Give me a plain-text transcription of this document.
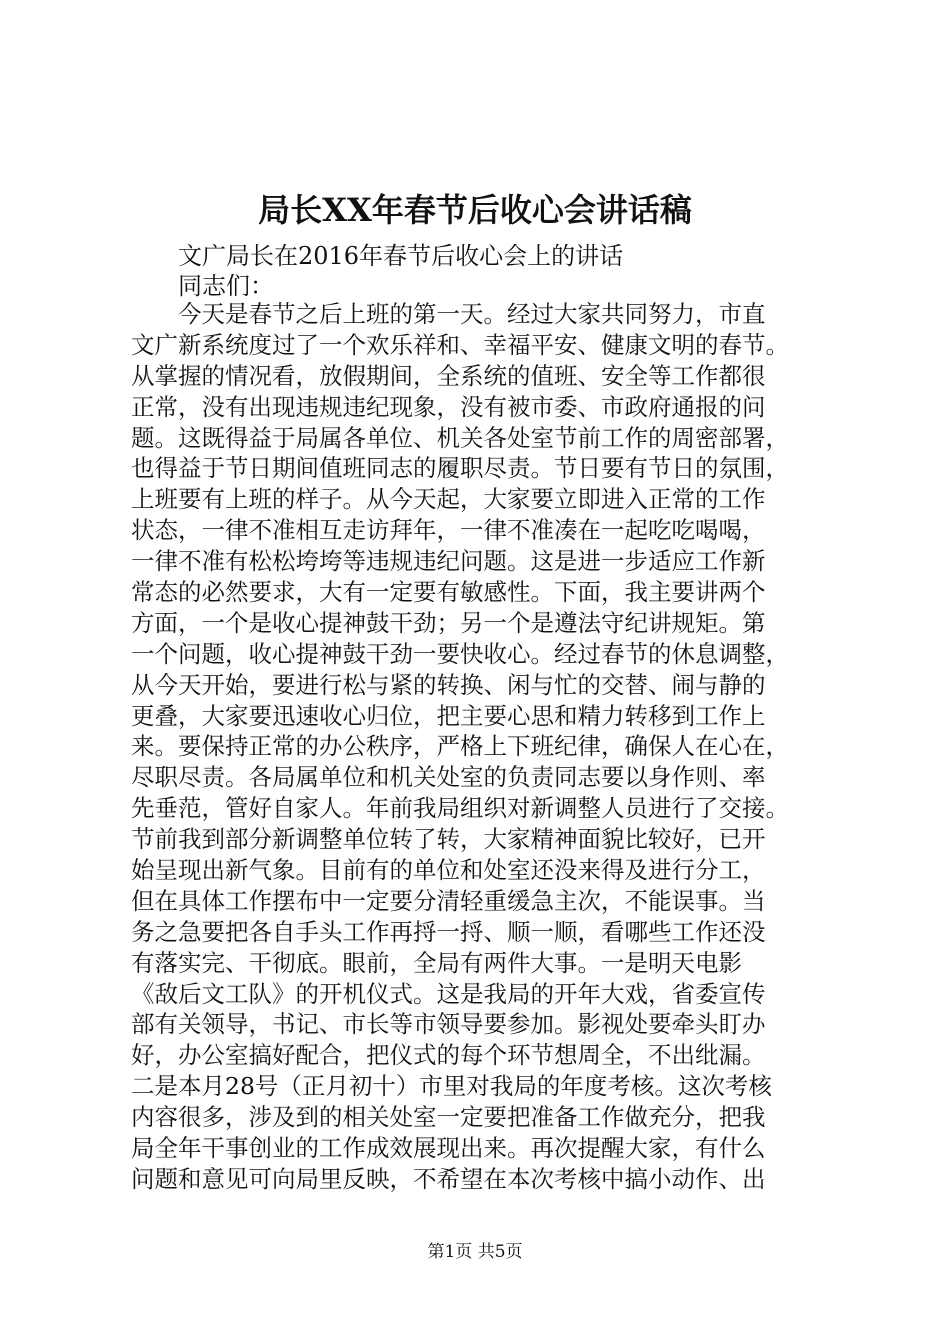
局长XX年春节后收心会讲话稿
文广局长在2016年春节后收心会上的讲话
同志们：
今天是春节之后上班的第一天。经过大家共同努力，市直
文广新系统度过了一个欢乐祥和、幸福平安、健康文明的春节。
从掌握的情况看，放假期间，全系统的值班、安全等工作都很
正常，没有出现违规违纪现象，没有被市委、市政府通报的问
题。这既得益于局属各单位、机关各处室节前工作的周密部署，
也得益于节日期间值班同志的履职尽责。节日要有节日的氛围，
上班要有上班的样子。从今天起，大家要立即进入正常的工作
状态，一律不准相互走访拜年，一律不准凑在一起吃吃喝喝，
一律不准有松松垮垮等违规违纪问题。这是进一步适应工作新
常态的必然要求，大有一定要有敏感性。下面，我主要讲两个
方面，一个是收心提神鼓干劲；另一个是遵法守纪讲规矩。第
一个问题，收心提神鼓干劲一要快收心。经过春节的休息调整，
从今天开始，要进行松与紧的转换、闲与忙的交替、闹与静的
更叠，大家要迅速收心归位，把主要心思和精力转移到工作上
来。要保持正常的办公秩序，严格上下班纪律，确保人在心在，
尽职尽责。各局属单位和机关处室的负责同志要以身作则、率
先垂范，管好自家人。年前我局组织对新调整人员进行了交接。
节前我到部分新调整单位转了转，大家精神面貌比较好，已开
始呈现出新气象。目前有的单位和处室还没来得及进行分工，
但在具体工作摆布中一定要分清轻重缓急主次，不能误事。当
务之急要把各自手头工作再捋一捋、顺一顺，看哪些工作还没
有落实完、干彻底。眼前，全局有两件大事。一是明天电影
《敌后文工队》的开机仪式。这是我局的开年大戏，省委宣传
部有关领导，书记、市长等市领导要参加。影视处要牵头盯办
好，办公室搞好配合，把仪式的每个环节想周全，不出纰漏。
二是本月28号（正月初十）市里对我局的年度考核。这次考核
内容很多，涉及到的相关处室一定要把准备工作做充分，把我
局全年干事创业的工作成效展现出来。再次提醒大家，有什么
问题和意见可向局里反映，不希望在本次考核中搞小动作、出
第1页 共5页
